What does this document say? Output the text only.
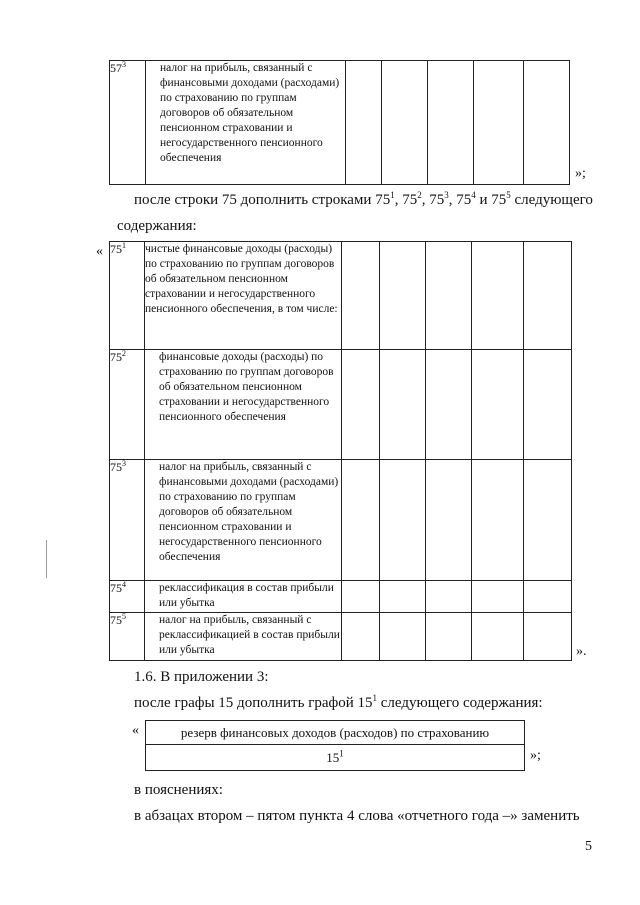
$57^3$	налог на прибыль, связанный с финансовыми доходами (расходами) по страхованию по группам договоров об обязательном пенсионном страховании и негосударственного пенсионного обеспечения					
»;
после строки 75 дополнить строками $75^1$, $75^2$, $75^3$, $75^4$ и $75^5$ следующего
содержания:
« $75^1$	чистые финансовые доходы (расходы) по страхованию по группам договоров об обязательном пенсионном страховании и негосударственного пенсионного обеспечения, в том числе:					
$75^2$	финансовые доходы (расходы) по страхованию по группам договоров об обязательном пенсионном страховании и негосударственного пенсионного обеспечения					
$75^3$	налог на прибыль, связанный с финансовыми доходами (расходами) по страхованию по группам договоров об обязательном пенсионном страховании и негосударственного пенсионного обеспечения					
$75^4$	реклассификация в состав прибыли или убытка					
$75^5$	налог на прибыль, связанный с реклассификацией в состав прибыли или убытка						».
1.6. В приложении 3:
после графы 15 дополнить графой $15^1$ следующего содержания:
«	резерв финансовых доходов (расходов) по страхованию
$15^1$	»;
в пояснениях:
в абзацах втором – пятом пункта 4 слова «отчетного года –» заменить
5
